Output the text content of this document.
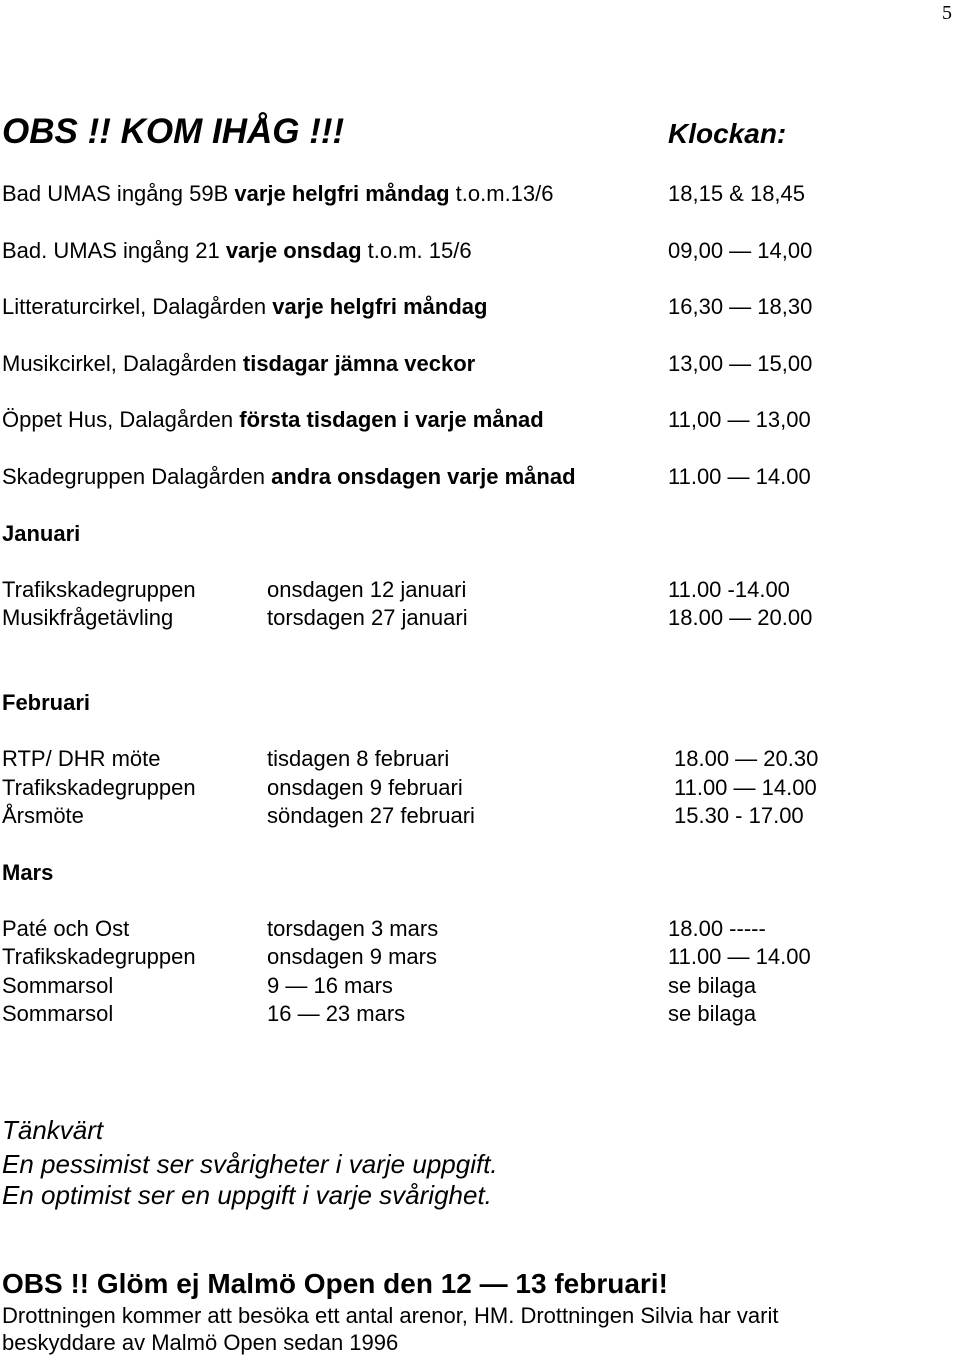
5
OBS !! KOM IHÅG !!!	Klockan:
Bad UMAS ingång 59B varje helgfri måndag t.o.m.13/6	18,15 & 18,45
Bad. UMAS ingång 21 varje onsdag t.o.m. 15/6	09,00 — 14,00
Litteraturcirkel, Dalagården varje helgfri måndag	16,30 — 18,30
Musikcirkel, Dalagården tisdagar jämna veckor	13,00 — 15,00
Öppet Hus, Dalagården första tisdagen i varje månad	11,00 — 13,00
Skadegruppen Dalagården andra onsdagen varje månad	11.00 — 14.00
Januari
Trafikskadegruppen	onsdagen 12 januari	11.00 -14.00
Musikfrågetävling	torsdagen 27 januari	18.00 — 20.00
Februari
RTP/ DHR möte	tisdagen 8 februari	18.00 — 20.30
Trafikskadegruppen	onsdagen 9 februari	11.00 — 14.00
Årsmöte	söndagen 27 februari	15.30 - 17.00
Mars
Paté och Ost	torsdagen 3 mars	18.00 -----
Trafikskadegruppen	onsdagen 9 mars	11.00 — 14.00
Sommarsol	9 — 16 mars	se bilaga
Sommarsol	16 — 23 mars	se bilaga
Tänkvärt
En pessimist ser svårigheter i varje uppgift.
En optimist ser en uppgift i varje svårighet.
OBS !! Glöm ej Malmö Open den 12 — 13 februari!
Drottningen kommer att besöka ett antal arenor, HM. Drottningen Silvia har varit
beskyddare av Malmö Open sedan 1996
